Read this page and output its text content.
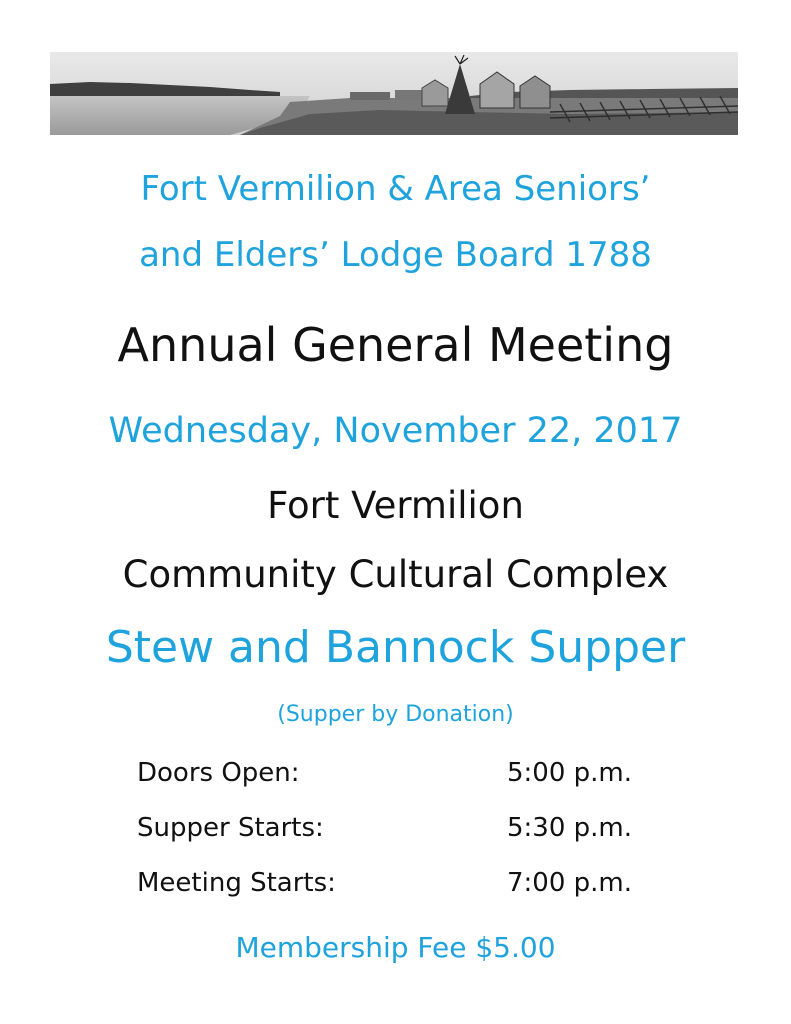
Fort Vermilion & Area Seniors’
and Elders’ Lodge Board 1788
Annual General Meeting
Wednesday, November 22, 2017
Fort Vermilion
Community Cultural Complex
Stew and Bannock Supper
(Supper by Donation)
Doors Open:	5:00 p.m.
Supper Starts:	5:30 p.m.
Meeting Starts:	7:00 p.m.
Membership Fee $5.00
